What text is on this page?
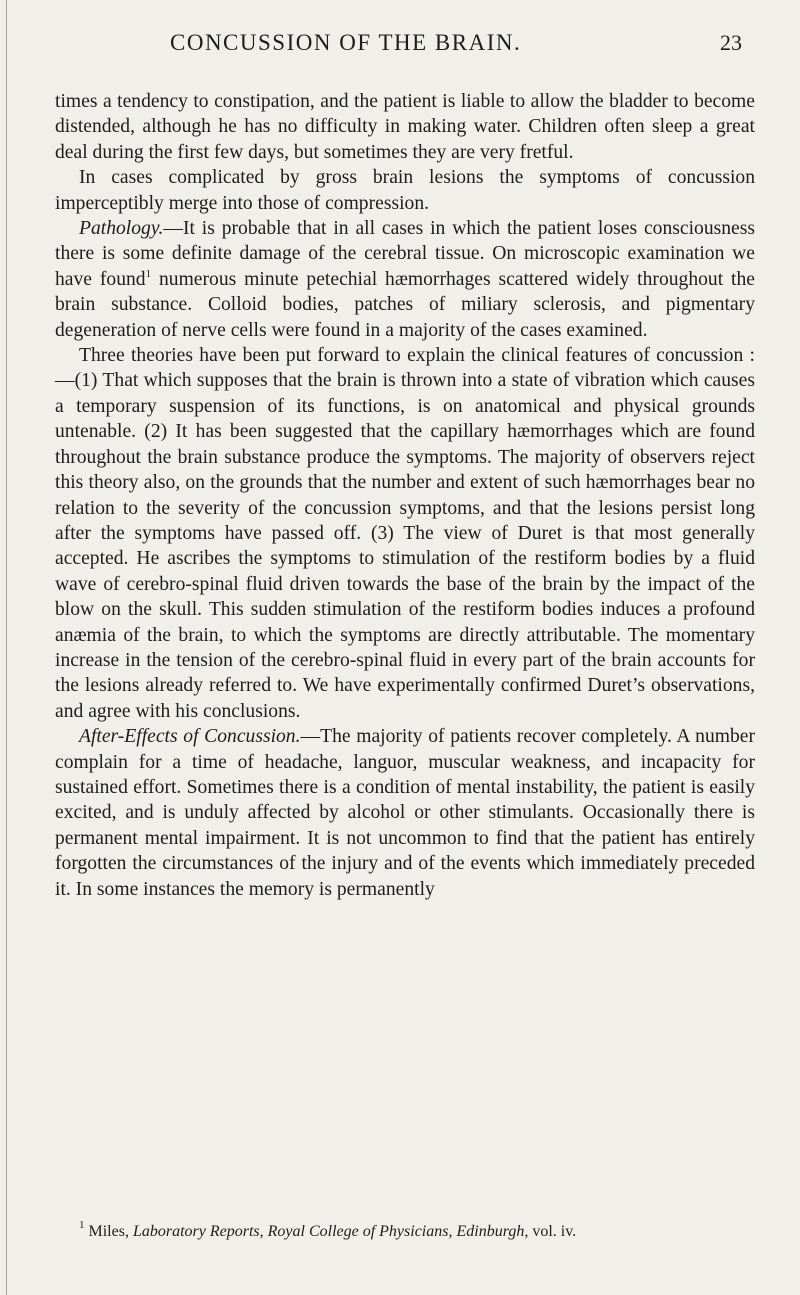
CONCUSSION OF THE BRAIN.	23

times a tendency to constipation, and the patient is liable to allow the bladder to become distended, although he has no difficulty in making water. Children often sleep a great deal during the first few days, but sometimes they are very fretful.

In cases complicated by gross brain lesions the symptoms of concussion imperceptibly merge into those of compression.

Pathology.—It is probable that in all cases in which the patient loses consciousness there is some definite damage of the cerebral tissue. On microscopic examination we have found$^1$ numerous minute petechial hæmorrhages scattered widely throughout the brain substance. Colloid bodies, patches of miliary sclerosis, and pigmentary degeneration of nerve cells were found in a majority of the cases examined.

Three theories have been put forward to explain the clinical features of concussion :—(1) That which supposes that the brain is thrown into a state of vibration which causes a temporary suspension of its functions, is on anatomical and physical grounds untenable. (2) It has been suggested that the capillary hæmorrhages which are found throughout the brain substance produce the symptoms. The majority of observers reject this theory also, on the grounds that the number and extent of such hæmorrhages bear no relation to the severity of the concussion symptoms, and that the lesions persist long after the symptoms have passed off. (3) The view of Duret is that most generally accepted. He ascribes the symptoms to stimulation of the restiform bodies by a fluid wave of cerebro-spinal fluid driven towards the base of the brain by the impact of the blow on the skull. This sudden stimulation of the restiform bodies induces a profound anæmia of the brain, to which the symptoms are directly attributable. The momentary increase in the tension of the cerebro-spinal fluid in every part of the brain accounts for the lesions already referred to. We have experimentally confirmed Duret’s observations, and agree with his conclusions.

After-Effects of Concussion.—The majority of patients recover completely. A number complain for a time of headache, languor, muscular weakness, and incapacity for sustained effort. Sometimes there is a condition of mental instability, the patient is easily excited, and is unduly affected by alcohol or other stimulants. Occasionally there is permanent mental impairment. It is not uncommon to find that the patient has entirely forgotten the circumstances of the injury and of the events which immediately preceded it. In some instances the memory is permanently

$^1$ Miles, Laboratory Reports, Royal College of Physicians, Edinburgh, vol. iv.
